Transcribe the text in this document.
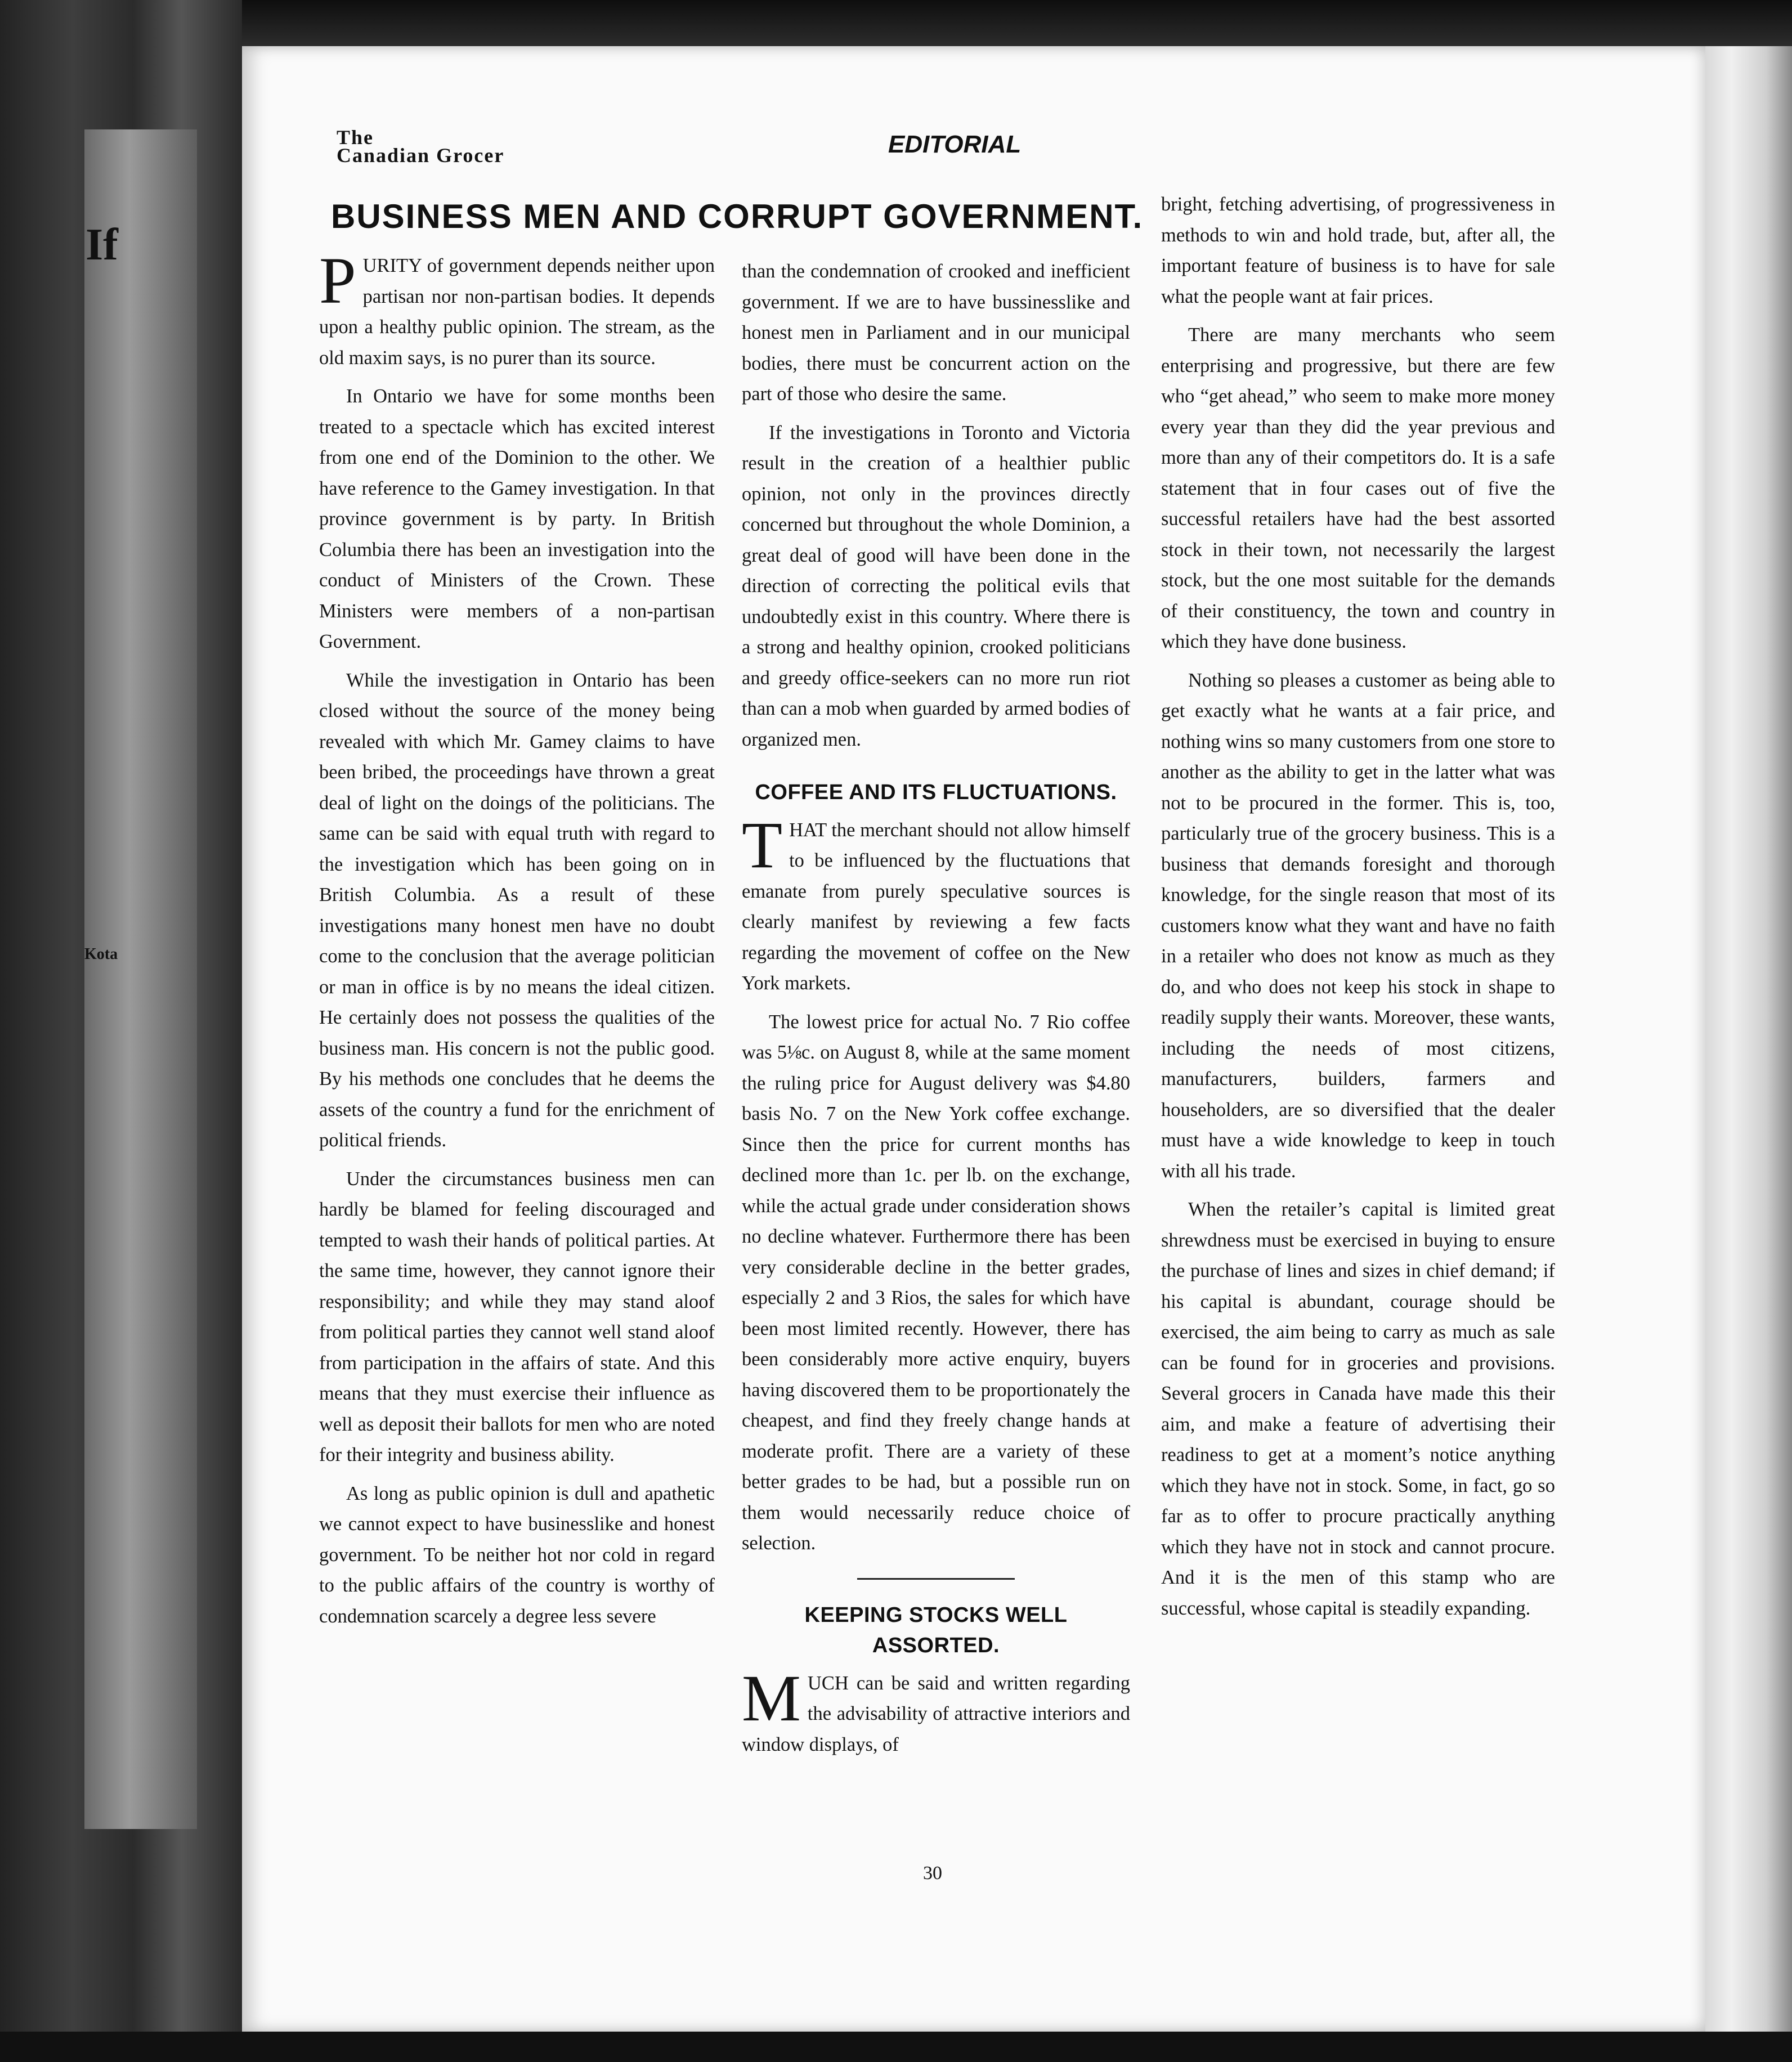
If
Kota
The
Canadian Grocer	EDITORIAL
BUSINESS MEN AND CORRUPT GOVERNMENT.

PURITY of government depends neither upon partisan nor non-partisan bodies. It depends upon a healthy public opinion. The stream, as the old maxim says, is no purer than its source.

In Ontario we have for some months been treated to a spectacle which has excited interest from one end of the Dominion to the other. We have reference to the Gamey investigation. In that province government is by party. In British Columbia there has been an investigation into the conduct of Ministers of the Crown. These Ministers were members of a non-partisan Government.

While the investigation in Ontario has been closed without the source of the money being revealed with which Mr. Gamey claims to have been bribed, the proceedings have thrown a great deal of light on the doings of the politicians. The same can be said with equal truth with regard to the investigation which has been going on in British Columbia. As a result of these investigations many honest men have no doubt come to the conclusion that the average politician or man in office is by no means the ideal citizen. He certainly does not possess the qualities of the business man. His concern is not the public good. By his methods one concludes that he deems the assets of the country a fund for the enrichment of political friends.

Under the circumstances business men can hardly be blamed for feeling discouraged and tempted to wash their hands of political parties. At the same time, however, they cannot ignore their responsibility; and while they may stand aloof from political parties they cannot well stand aloof from participation in the affairs of state. And this means that they must exercise their influence as well as deposit their ballots for men who are noted for their integrity and business ability.

As long as public opinion is dull and apathetic we cannot expect to have businesslike and honest government. To be neither hot nor cold in regard to the public affairs of the country is worthy of condemnation scarcely a degree less severe

than the condemnation of crooked and inefficient government. If we are to have bussinesslike and honest men in Parliament and in our municipal bodies, there must be concurrent action on the part of those who desire the same.

If the investigations in Toronto and Victoria result in the creation of a healthier public opinion, not only in the provinces directly concerned but throughout the whole Dominion, a great deal of good will have been done in the direction of correcting the political evils that undoubtedly exist in this country. Where there is a strong and healthy opinion, crooked politicians and greedy office-seekers can no more run riot than can a mob when guarded by armed bodies of organized men.

COFFEE AND ITS FLUCTUATIONS.

THAT the merchant should not allow himself to be influenced by the fluctuations that emanate from purely speculative sources is clearly manifest by reviewing a few facts regarding the movement of coffee on the New York markets.

The lowest price for actual No. 7 Rio coffee was 5⅛c. on August 8, while at the same moment the ruling price for August delivery was $4.80 basis No. 7 on the New York coffee exchange. Since then the price for current months has declined more than 1c. per lb. on the exchange, while the actual grade under consideration shows no decline whatever. Furthermore there has been very considerable decline in the better grades, especially 2 and 3 Rios, the sales for which have been most limited recently. However, there has been considerably more active enquiry, buyers having discovered them to be proportionately the cheapest, and find they freely change hands at moderate profit. There are a variety of these better grades to be had, but a possible run on them would necessarily reduce choice of selection.

KEEPING STOCKS WELL ASSORTED.

MUCH can be said and written regarding the advisability of attractive interiors and window displays, of

bright, fetching advertising, of progressiveness in methods to win and hold trade, but, after all, the important feature of business is to have for sale what the people want at fair prices.

There are many merchants who seem enterprising and progressive, but there are few who “get ahead,” who seem to make more money every year than they did the year previous and more than any of their competitors do. It is a safe statement that in four cases out of five the successful retailers have had the best assorted stock in their town, not necessarily the largest stock, but the one most suitable for the demands of their constituency, the town and country in which they have done business.

Nothing so pleases a customer as being able to get exactly what he wants at a fair price, and nothing wins so many customers from one store to another as the ability to get in the latter what was not to be procured in the former. This is, too, particularly true of the grocery business. This is a business that demands foresight and thorough knowledge, for the single reason that most of its customers know what they want and have no faith in a retailer who does not know as much as they do, and who does not keep his stock in shape to readily supply their wants. Moreover, these wants, including the needs of most citizens, manufacturers, builders, farmers and householders, are so diversified that the dealer must have a wide knowledge to keep in touch with all his trade.

When the retailer’s capital is limited great shrewdness must be exercised in buying to ensure the purchase of lines and sizes in chief demand; if his capital is abundant, courage should be exercised, the aim being to carry as much as sale can be found for in groceries and provisions. Several grocers in Canada have made this their aim, and make a feature of advertising their readiness to get at a moment’s notice anything which they have not in stock. Some, in fact, go so far as to offer to procure practically anything which they have not in stock and cannot procure. And it is the men of this stamp who are successful, whose capital is steadily expanding.

30
